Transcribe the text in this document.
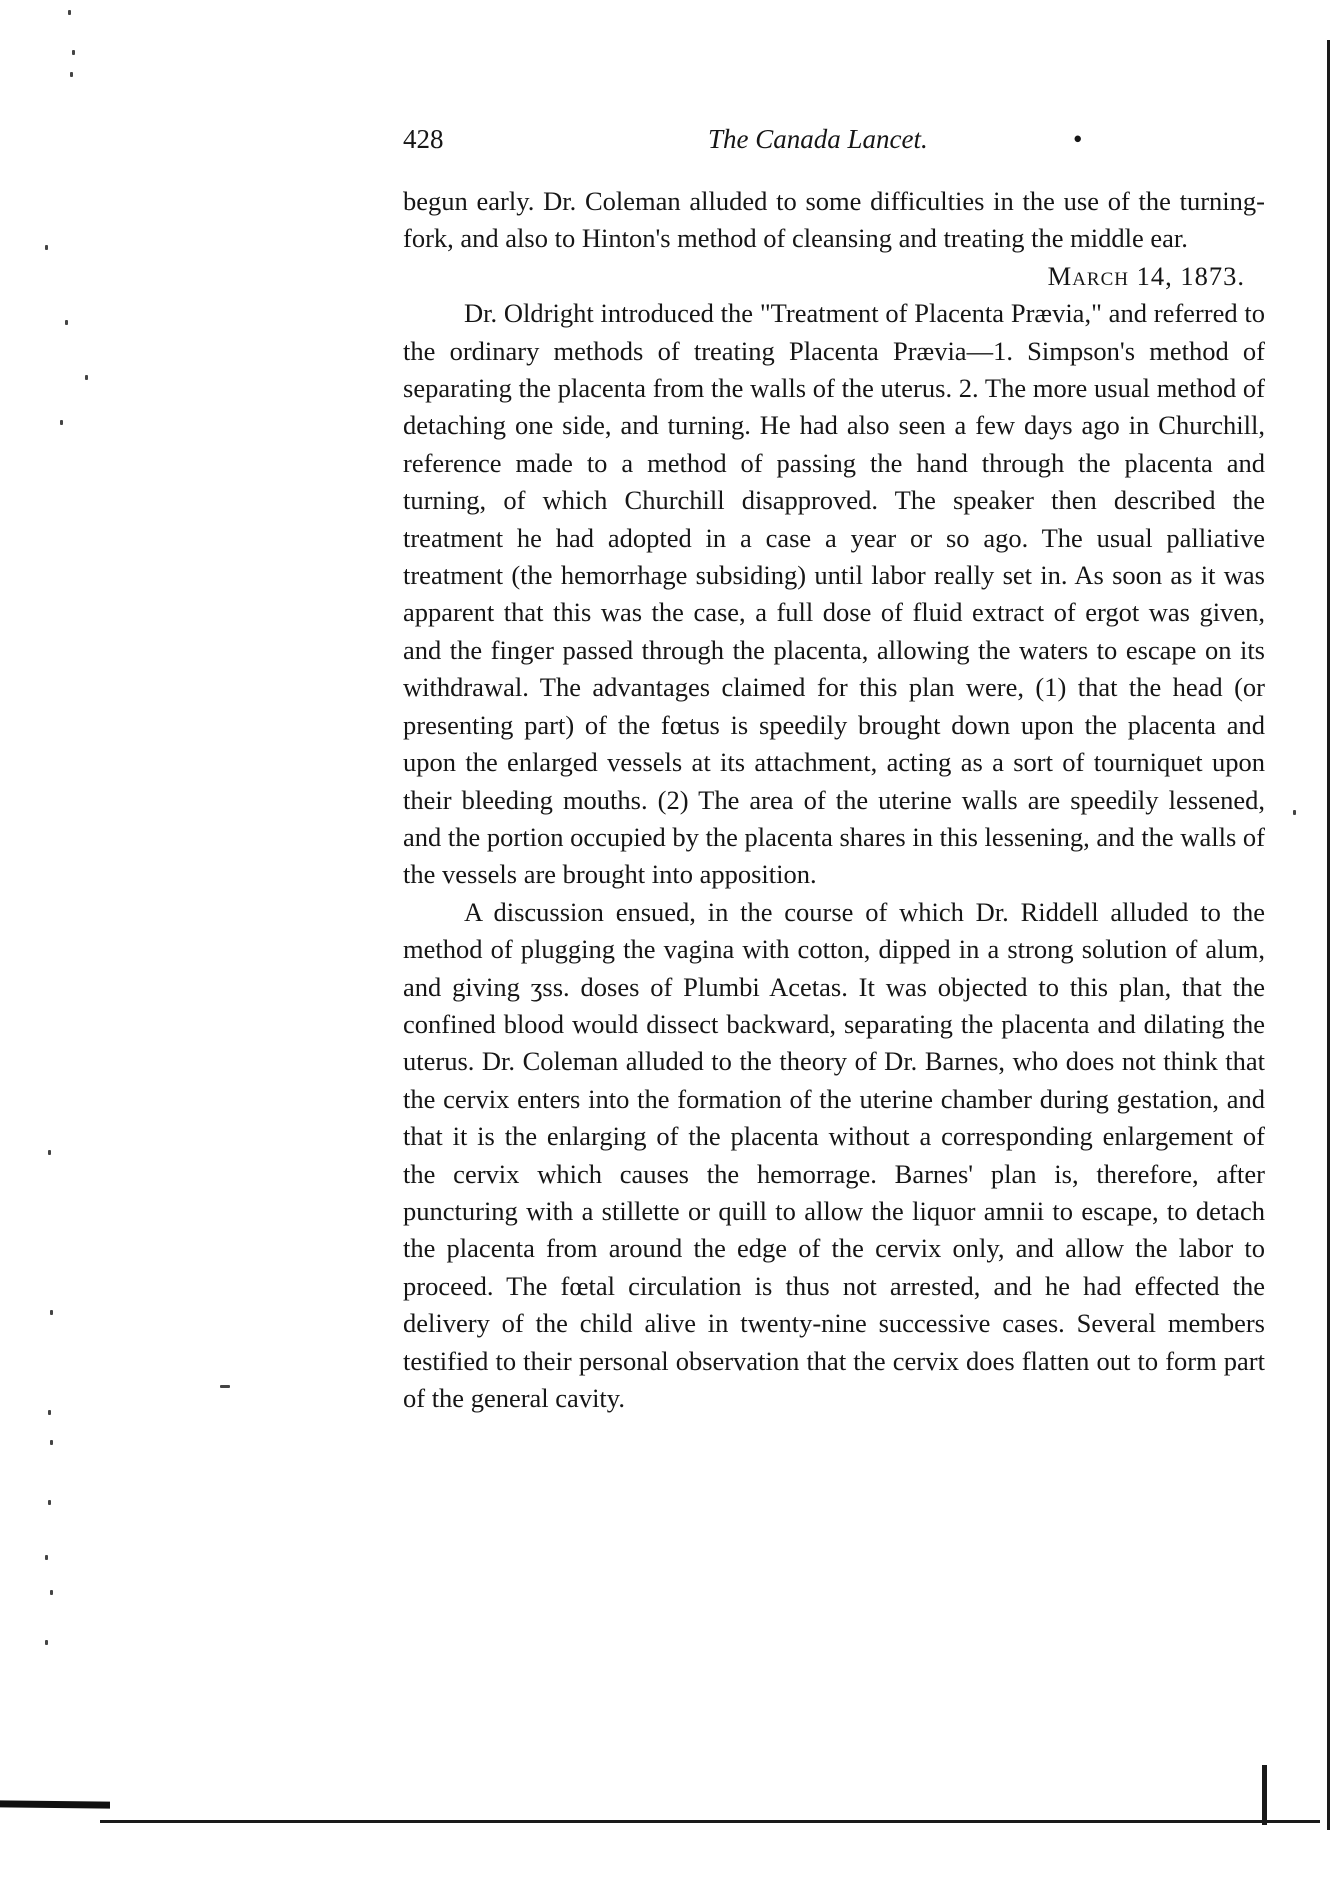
428	The Canada Lancet.	•

begun early. Dr. Coleman alluded to some difficulties in the use of the turning-fork, and also to Hinton's method of cleansing and treating the middle ear.

March 14, 1873.

Dr. Oldright introduced the "Treatment of Placenta Prævia," and referred to the ordinary methods of treating Placenta Prævia—1. Simpson's method of separating the placenta from the walls of the uterus. 2. The more usual method of detaching one side, and turning. He had also seen a few days ago in Churchill, reference made to a method of passing the hand through the placenta and turning, of which Churchill disapproved. The speaker then described the treatment he had adopted in a case a year or so ago. The usual palliative treatment (the hemorrhage subsiding) until labor really set in. As soon as it was apparent that this was the case, a full dose of fluid extract of ergot was given, and the finger passed through the placenta, allowing the waters to escape on its withdrawal. The advantages claimed for this plan were, (1) that the head (or presenting part) of the fœtus is speedily brought down upon the placenta and upon the enlarged vessels at its attachment, acting as a sort of tourniquet upon their bleeding mouths. (2) The area of the uterine walls are speedily lessened, and the portion occupied by the placenta shares in this lessening, and the walls of the vessels are brought into apposition.

A discussion ensued, in the course of which Dr. Riddell alluded to the method of plugging the vagina with cotton, dipped in a strong solution of alum, and giving ʒss. doses of Plumbi Acetas. It was objected to this plan, that the confined blood would dissect backward, separating the placenta and dilating the uterus. Dr. Coleman alluded to the theory of Dr. Barnes, who does not think that the cervix enters into the formation of the uterine chamber during gestation, and that it is the enlarging of the placenta without a corresponding enlargement of the cervix which causes the hemorrage. Barnes' plan is, therefore, after puncturing with a stillette or quill to allow the liquor amnii to escape, to detach the placenta from around the edge of the cervix only, and allow the labor to proceed. The fœtal circulation is thus not arrested, and he had effected the delivery of the child alive in twenty-nine successive cases. Several members testified to their personal observation that the cervix does flatten out to form part of the general cavity.
